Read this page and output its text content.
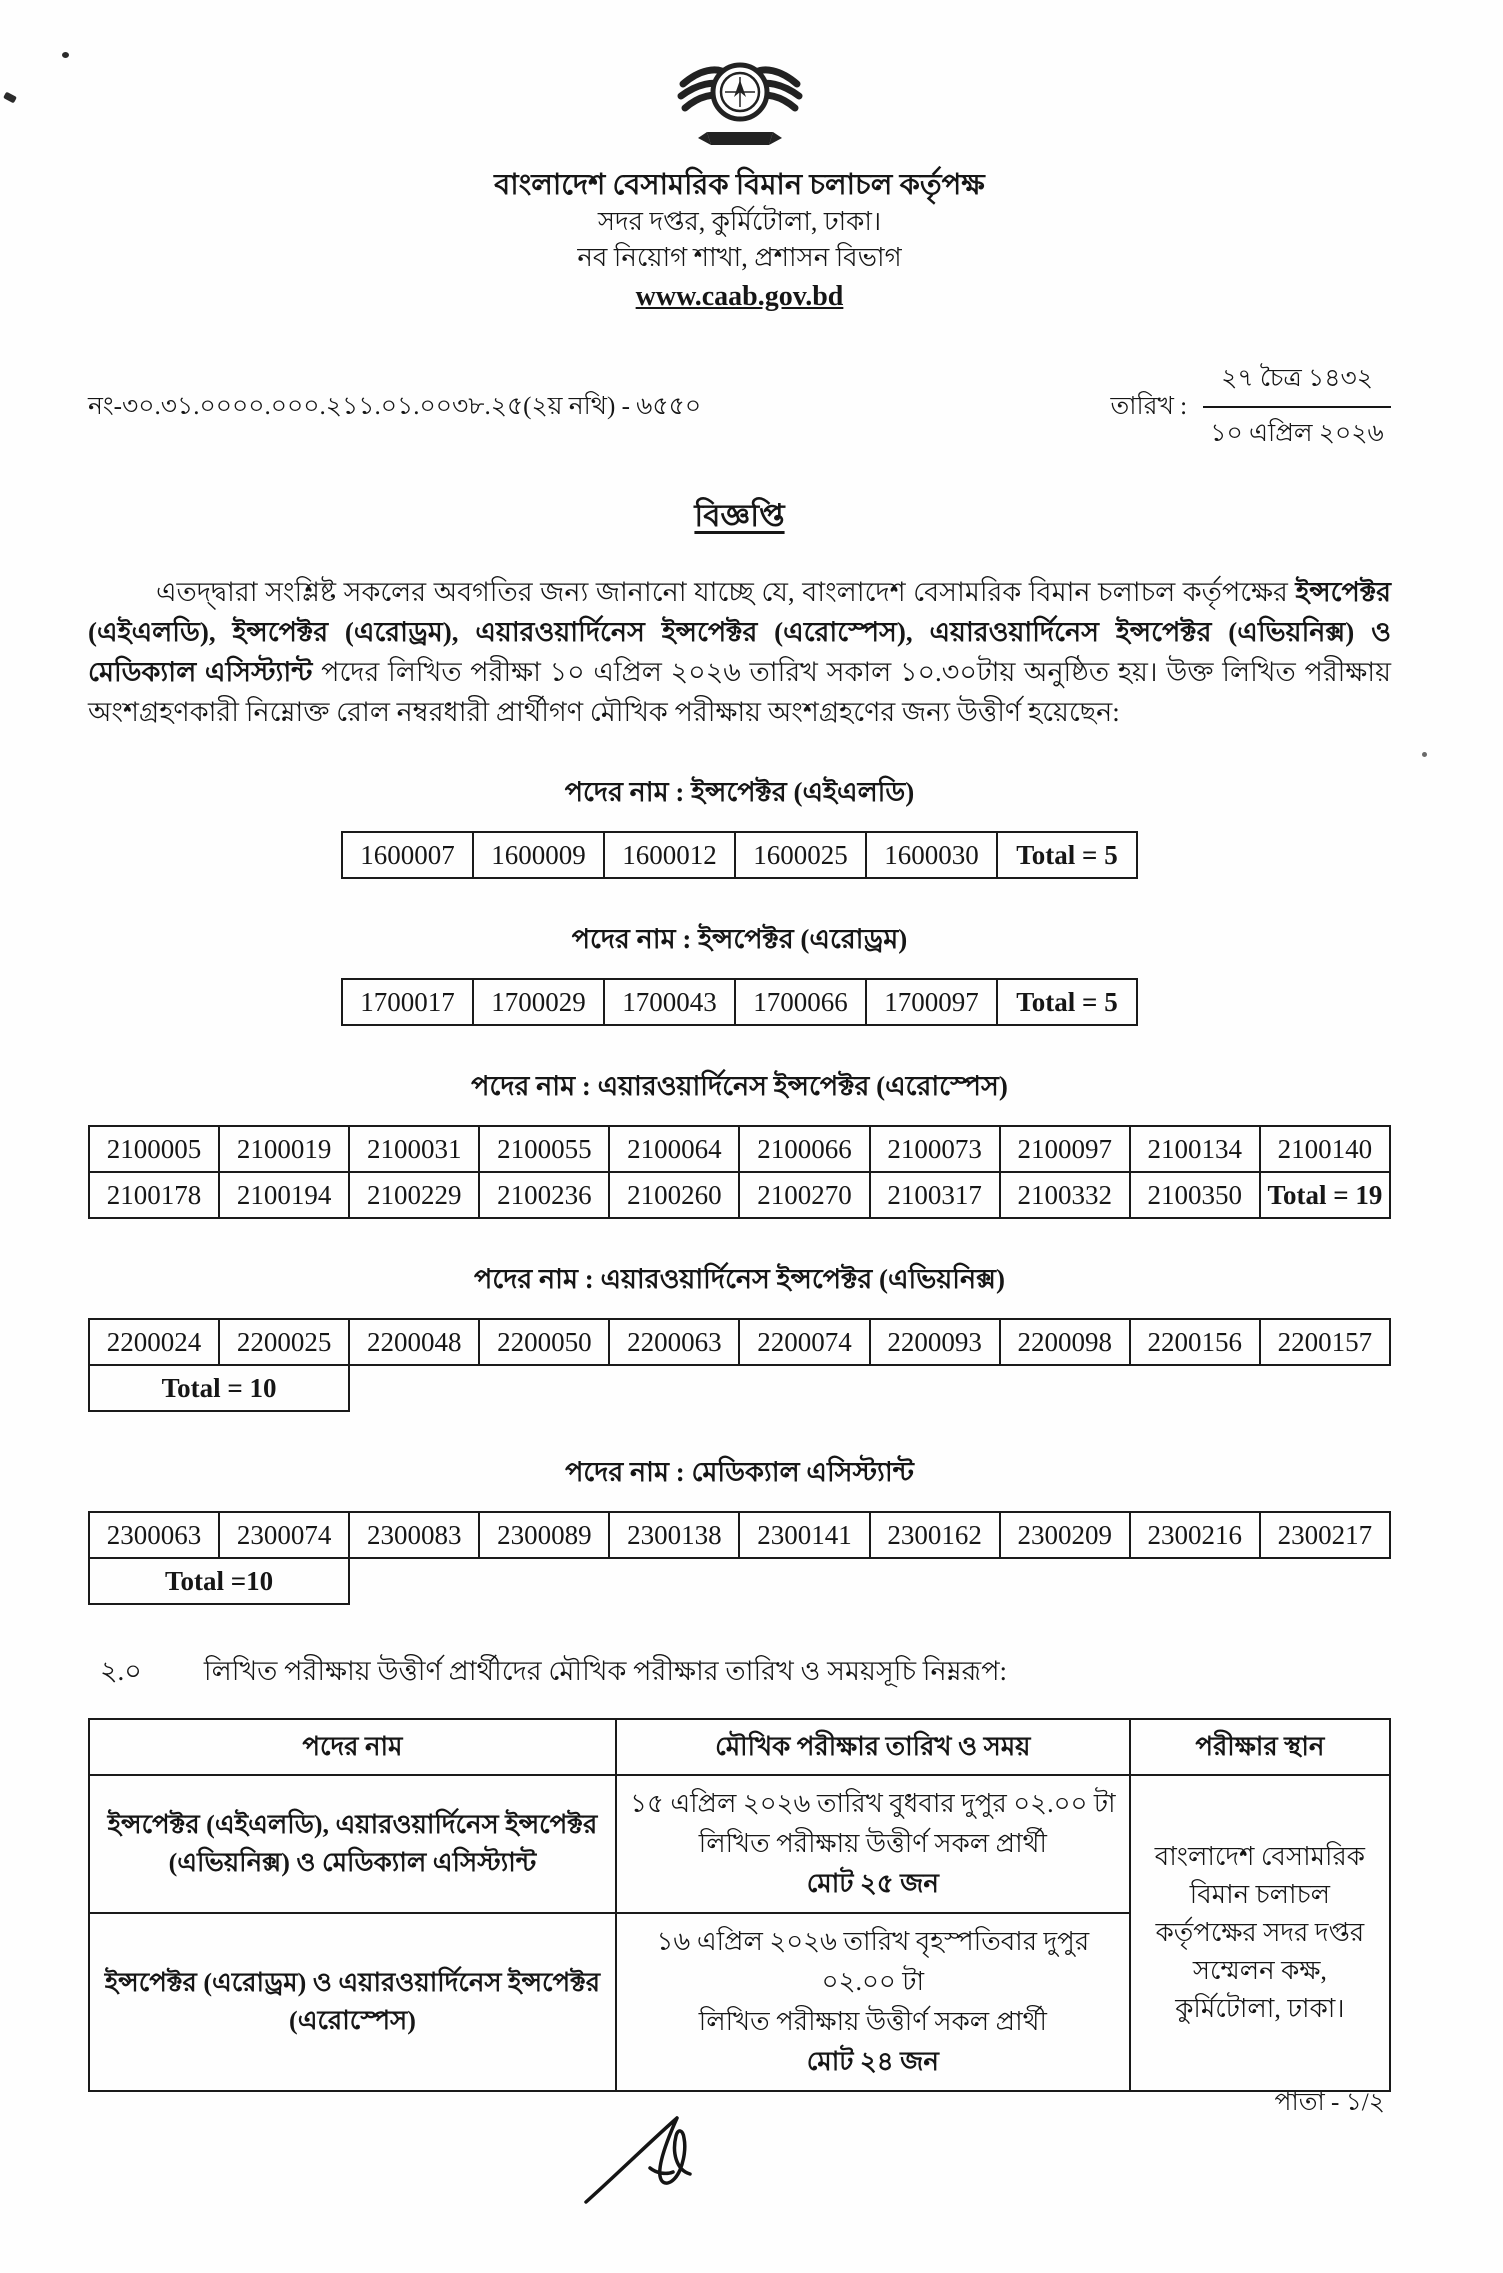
বাংলাদেশ বেসামরিক বিমান চলাচল কর্তৃপক্ষ
সদর দপ্তর, কুর্মিটোলা, ঢাকা।
নব নিয়োগ শাখা, প্রশাসন বিভাগ
www.caab.gov.bd
নং-৩০.৩১.০০০০.০০০.২১১.০১.০০৩৮.২৫(২য় নথি) - ৬৫৫০	তারিখ :
২৭ চৈত্র ১৪৩২
১০ এপ্রিল ২০২৬
বিজ্ঞপ্তি

এতদ্দ্বারা সংশ্লিষ্ট সকলের অবগতির জন্য জানানো যাচ্ছে যে, বাংলাদেশ বেসামরিক বিমান চলাচল কর্তৃপক্ষের ইন্সপেক্টর (এইএলডি), ইন্সপেক্টর (এরোড্রম), এয়ারওয়ার্দিনেস ইন্সপেক্টর (এরোস্পেস), এয়ারওয়ার্দিনেস ইন্সপেক্টর (এভিয়নিক্স) ও মেডিক্যাল এসিস্ট্যান্ট পদের লিখিত পরীক্ষা ১০ এপ্রিল ২০২৬ তারিখ সকাল ১০.৩০টায় অনুষ্ঠিত হয়। উক্ত লিখিত পরীক্ষায় অংশগ্রহণকারী নিম্নোক্ত রোল নম্বরধারী প্রার্থীগণ মৌখিক পরীক্ষায় অংশগ্রহণের জন্য উত্তীর্ণ হয়েছেন:

পদের নাম : ইন্সপেক্টর (এইএলডি)
1600007	1600009	1600012	1600025	1600030	Total = 5
পদের নাম : ইন্সপেক্টর (এরোড্রম)
1700017	1700029	1700043	1700066	1700097	Total = 5
পদের নাম : এয়ারওয়ার্দিনেস ইন্সপেক্টর (এরোস্পেস)
2100005	2100019	2100031	2100055	2100064	2100066	2100073	2100097	2100134	2100140
2100178	2100194	2100229	2100236	2100260	2100270	2100317	2100332	2100350	Total = 19
পদের নাম : এয়ারওয়ার্দিনেস ইন্সপেক্টর (এভিয়নিক্স)
2200024	2200025	2200048	2200050	2200063	2200074	2200093	2200098	2200156	2200157
Total = 10									
পদের নাম : মেডিক্যাল এসিস্ট্যান্ট
2300063	2300074	2300083	2300089	2300138	2300141	2300162	2300209	2300216	2300217
Total =10									
২.০ লিখিত পরীক্ষায় উত্তীর্ণ প্রার্থীদের মৌখিক পরীক্ষার তারিখ ও সময়সূচি নিম্নরূপ:
পদের নাম	মৌখিক পরীক্ষার তারিখ ও সময়	পরীক্ষার স্থান
ইন্সপেক্টর (এইএলডি), এয়ারওয়ার্দিনেস ইন্সপেক্টর (এভিয়নিক্স) ও মেডিক্যাল এসিস্ট্যান্ট	১৫ এপ্রিল ২০২৬ তারিখ বুধবার দুপুর ০২.০০ টা
লিখিত পরীক্ষায় উত্তীর্ণ সকল প্রার্থী
মোট ২৫ জন	বাংলাদেশ বেসামরিক বিমান চলাচল কর্তৃপক্ষের সদর দপ্তর সম্মেলন কক্ষ, কুর্মিটোলা, ঢাকা।
ইন্সপেক্টর (এরোড্রম) ও এয়ারওয়ার্দিনেস ইন্সপেক্টর (এরোস্পেস)	১৬ এপ্রিল ২০২৬ তারিখ বৃহস্পতিবার দুপুর ০২.০০ টা
লিখিত পরীক্ষায় উত্তীর্ণ সকল প্রার্থী
মোট ২৪ জন	
পাতা - ১/২
